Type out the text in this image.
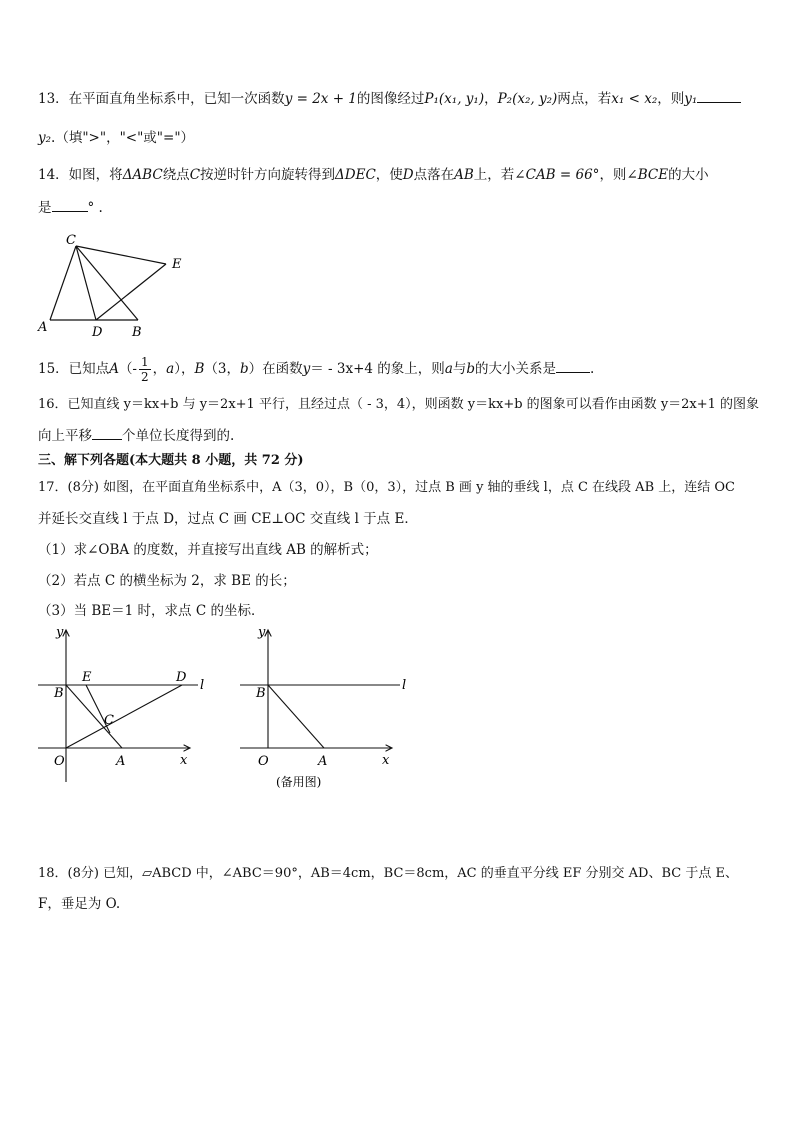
13．在平面直角坐标系中，已知一次函数y = 2x + 1的图像经过P₁(x₁, y₁)，P₂(x₂, y₂)两点，若x₁ < x₂，则y₁
y₂.（填">"，"<"或"="）
14．如图，将ΔABC绕点C按逆时针方向旋转得到ΔDEC，使D点落在AB上，若∠CAB = 66°，则∠BCE的大小
是	° .
C
E
A	D B
15．已知点$A(- \frac{1}{2}$ ，a），B（3，b）在函数y＝ - 3x+4 的象上，则a与b的大小关系是	.
16．已知直线 y＝kx+b 与 y＝2x+1 平行，且经过点（ - 3，4），则函数 y＝kx+b 的图象可以看作由函数 y＝2x+1 的图象
向上平移 个单位长度得到的.
三、解下列各题(本大题共 8 小题，共 72 分)
17．(8分) 如图，在平面直角坐标系中，A（3，0），B（0，3），过点 B 画 y 轴的垂线 l，点 C 在线段 AB 上，连结 OC
并延长交直线 l 于点 D，过点 C 画 CE⊥OC 交直线 l 于点 E．
（1）求∠OBA 的度数，并直接写出直线 AB 的解析式；
（2）若点 C 的横坐标为 2，求 BE 的长；
（3）当 BE＝1 时，求点 C 的坐标．
y
x
O	A
B
E	D
C
l
y
x
O	A
B
l
(备用图)
18．(8分) 已知，▱ABCD 中，∠ABC＝90°，AB＝4cm，BC＝8cm，AC 的垂直平分线 EF 分别交 AD、BC 于点 E、
F，垂足为 O.
